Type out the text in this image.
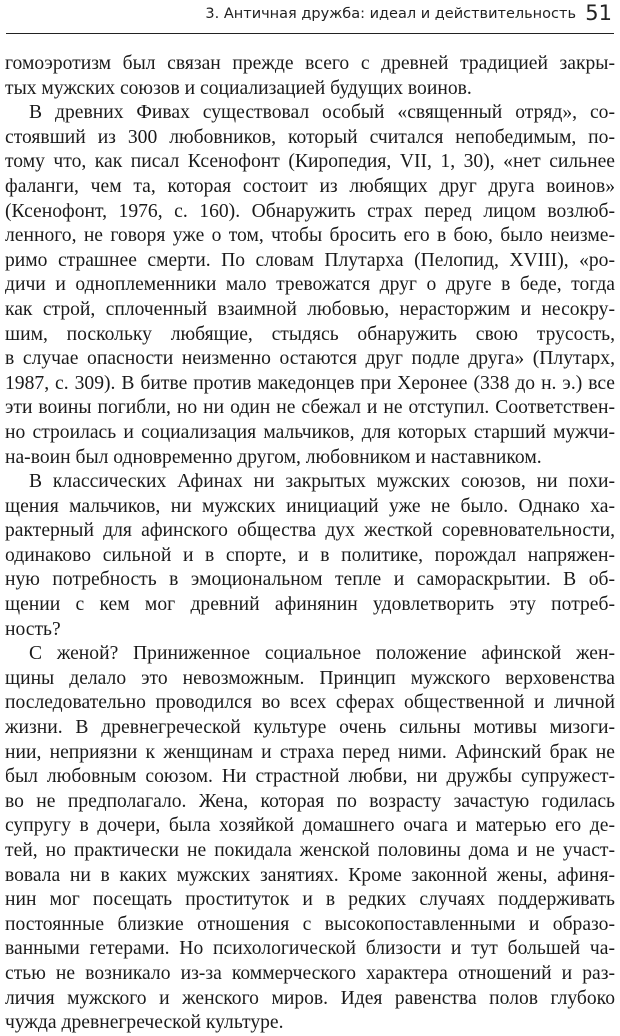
3. Античная дружба: идеал и действительность 51
гомоэротизм был связан прежде всего с древней традицией закры-
тых мужских союзов и социализацией будущих воинов.
В древних Фивах существовал особый «священный отряд», со-
стоявший из 300 любовников, который считался непобедимым, по-
тому что, как писал Ксенофонт (Киропедия, VII, 1, 30), «нет сильнее
фаланги, чем та, которая состоит из любящих друг друга воинов»
(Ксенофонт, 1976, с. 160). Обнаружить страх перед лицом возлюб-
ленного, не говоря уже о том, чтобы бросить его в бою, было неизме-
римо страшнее смерти. По словам Плутарха (Пелопид, XVIII), «ро-
дичи и одноплеменники мало тревожатся друг о друге в беде, тогда
как строй, сплоченный взаимной любовью, нерасторжим и несокру-
шим, поскольку любящие, стыдясь обнаружить свою трусость,
в случае опасности неизменно остаются друг подле друга» (Плутарх,
1987, с. 309). В битве против македонцев при Херонее (338 до н. э.) все
эти воины погибли, но ни один не сбежал и не отступил. Соответствен-
но строилась и социализация мальчиков, для которых старший мужчи-
на-воин был одновременно другом, любовником и наставником.
В классических Афинах ни закрытых мужских союзов, ни похи-
щения мальчиков, ни мужских инициаций уже не было. Однако ха-
рактерный для афинского общества дух жесткой соревновательности,
одинаково сильной и в спорте, и в политике, порождал напряжен-
ную потребность в эмоциональном тепле и самораскрытии. В об-
щении с кем мог древний афинянин удовлетворить эту потреб-
ность?
С женой? Приниженное социальное положение афинской жен-
щины делало это невозможным. Принцип мужского верховенства
последовательно проводился во всех сферах общественной и личной
жизни. В древнегреческой культуре очень сильны мотивы мизоги-
нии, неприязни к женщинам и страха перед ними. Афинский брак не
был любовным союзом. Ни страстной любви, ни дружбы супружест-
во не предполагало. Жена, которая по возрасту зачастую годилась
супругу в дочери, была хозяйкой домашнего очага и матерью его де-
тей, но практически не покидала женской половины дома и не участ-
вовала ни в каких мужских занятиях. Кроме законной жены, афиня-
нин мог посещать проституток и в редких случаях поддерживать
постоянные близкие отношения с высокопоставленными и образо-
ванными гетерами. Но психологической близости и тут большей ча-
стью не возникало из-за коммерческого характера отношений и раз-
личия мужского и женского миров. Идея равенства полов глубоко
чужда древнегреческой культуре.
